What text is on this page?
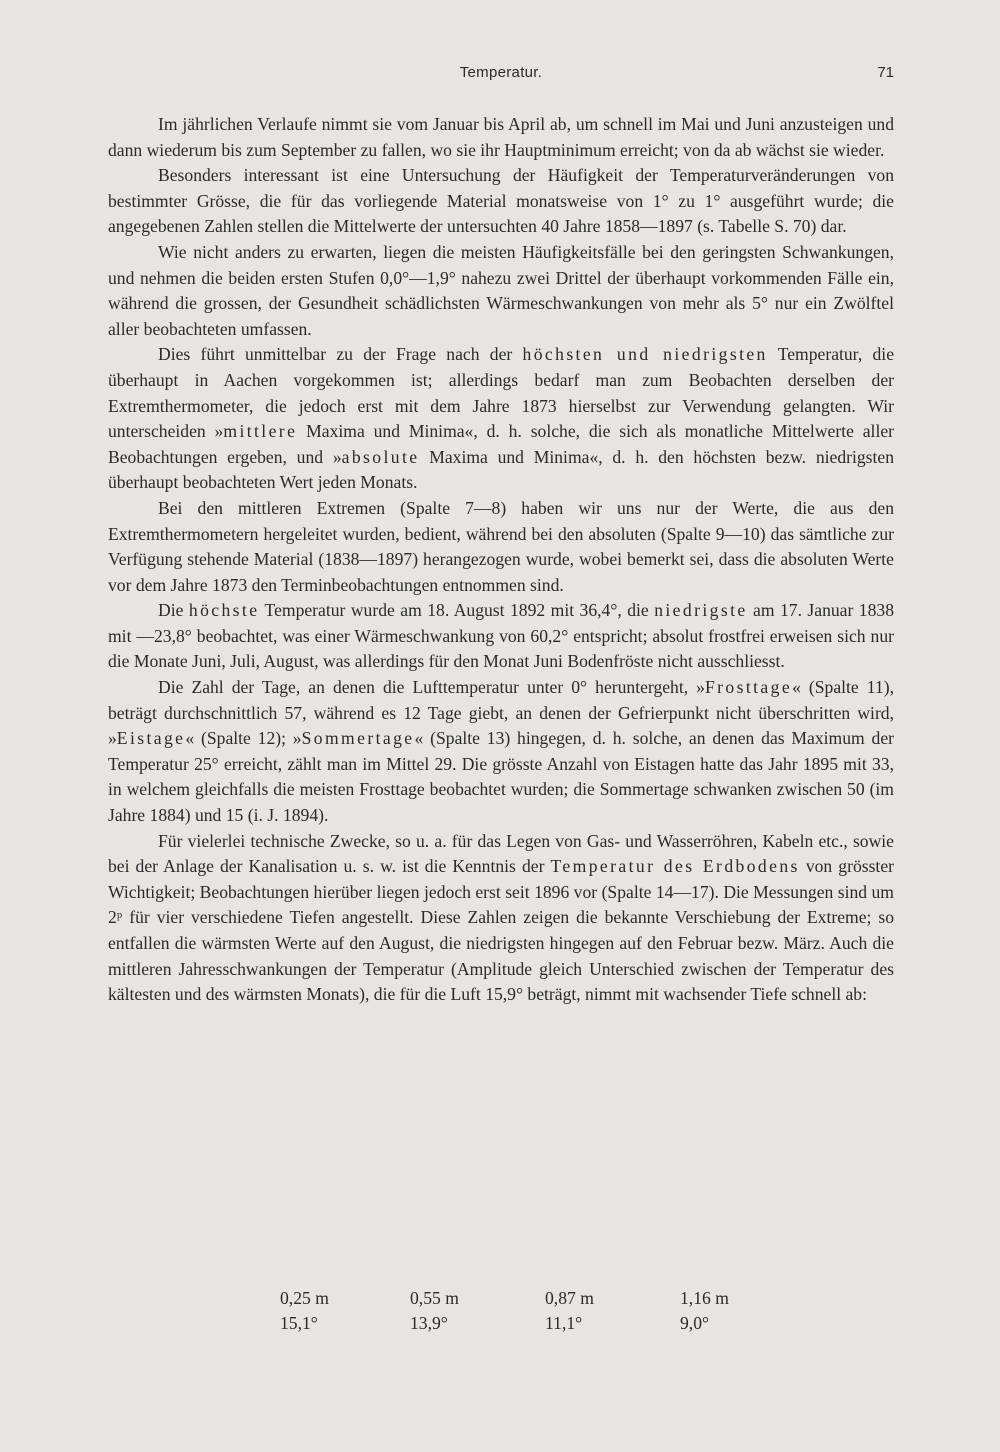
Temperatur.	71

Im jährlichen Verlaufe nimmt sie vom Januar bis April ab, um schnell im Mai und Juni anzusteigen und dann wiederum bis zum September zu fallen, wo sie ihr Hauptminimum erreicht; von da ab wächst sie wieder.

Besonders interessant ist eine Untersuchung der Häufigkeit der Temperaturveränderungen von bestimmter Grösse, die für das vorliegende Material monatsweise von 1° zu 1° ausgeführt wurde; die angegebenen Zahlen stellen die Mittelwerte der untersuchten 40 Jahre 1858—1897 (s. Tabelle S. 70) dar.

Wie nicht anders zu erwarten, liegen die meisten Häufigkeitsfälle bei den geringsten Schwankungen, und nehmen die beiden ersten Stufen 0,0°—1,9° nahezu zwei Drittel der überhaupt vorkommenden Fälle ein, während die grossen, der Gesundheit schädlichsten Wärmeschwankungen von mehr als 5° nur ein Zwölftel aller beobachteten umfassen.

Dies führt unmittelbar zu der Frage nach der höchsten und niedrigsten Temperatur, die überhaupt in Aachen vorgekommen ist; allerdings bedarf man zum Beobachten derselben der Extremthermometer, die jedoch erst mit dem Jahre 1873 hierselbst zur Verwendung gelangten. Wir unterscheiden »mittlere Maxima und Minima«, d. h. solche, die sich als monatliche Mittelwerte aller Beobachtungen ergeben, und »absolute Maxima und Minima«, d. h. den höchsten bezw. niedrigsten überhaupt beobachteten Wert jeden Monats.

Bei den mittleren Extremen (Spalte 7—8) haben wir uns nur der Werte, die aus den Extremthermometern hergeleitet wurden, bedient, während bei den absoluten (Spalte 9—10) das sämtliche zur Verfügung stehende Material (1838—1897) herangezogen wurde, wobei bemerkt sei, dass die absoluten Werte vor dem Jahre 1873 den Terminbeobachtungen entnommen sind.

Die höchste Temperatur wurde am 18. August 1892 mit 36,4°, die niedrigste am 17. Januar 1838 mit —23,8° beobachtet, was einer Wärmeschwankung von 60,2° entspricht; absolut frostfrei erweisen sich nur die Monate Juni, Juli, August, was allerdings für den Monat Juni Bodenfröste nicht ausschliesst.

Die Zahl der Tage, an denen die Lufttemperatur unter 0° heruntergeht, »Frosttage« (Spalte 11), beträgt durchschnittlich 57, während es 12 Tage giebt, an denen der Gefrierpunkt nicht überschritten wird, »Eistage« (Spalte 12); »Sommertage« (Spalte 13) hingegen, d. h. solche, an denen das Maximum der Temperatur 25° erreicht, zählt man im Mittel 29. Die grösste Anzahl von Eistagen hatte das Jahr 1895 mit 33, in welchem gleichfalls die meisten Frosttage beobachtet wurden; die Sommertage schwanken zwischen 50 (im Jahre 1884) und 15 (i. J. 1894).

Für vielerlei technische Zwecke, so u. a. für das Legen von Gas- und Wasserröhren, Kabeln etc., sowie bei der Anlage der Kanalisation u. s. w. ist die Kenntnis der Temperatur des Erdbodens von grösster Wichtigkeit; Beobachtungen hierüber liegen jedoch erst seit 1896 vor (Spalte 14—17). Die Messungen sind um 2ᵖ für vier verschiedene Tiefen angestellt. Diese Zahlen zeigen die bekannte Verschiebung der Extreme; so entfallen die wärmsten Werte auf den August, die niedrigsten hingegen auf den Februar bezw. März. Auch die mittleren Jahresschwankungen der Temperatur (Amplitude gleich Unterschied zwischen der Temperatur des kältesten und des wärmsten Monats), die für die Luft 15,9° beträgt, nimmt mit wachsender Tiefe schnell ab:

0,25 m	0,55 m	0,87 m	1,16 m
15,1°	13,9°	11,1°	9,0°
